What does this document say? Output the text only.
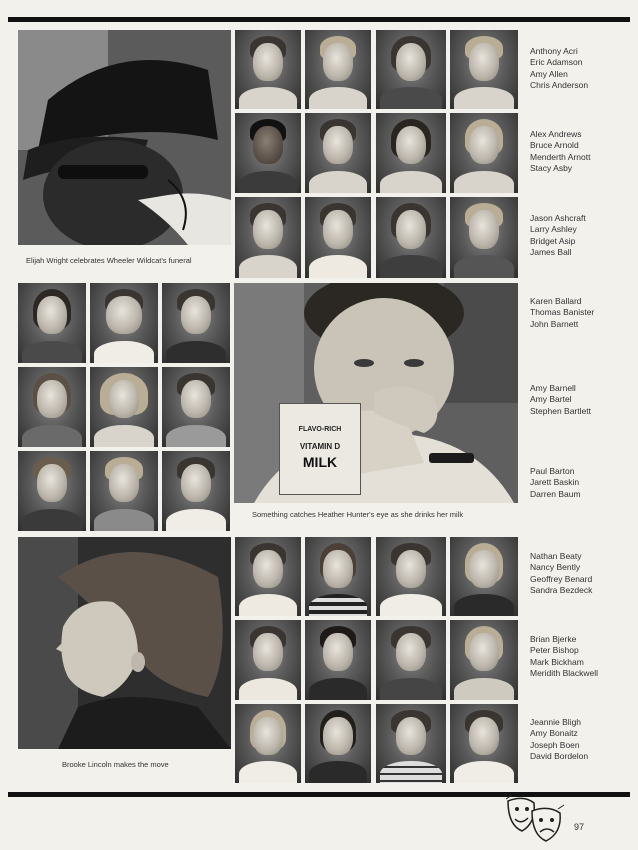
Elijah Wright celebrates Wheeler Wildcat's funeral
FLAVO-RICH
VITAMIN D
MILK
Something catches Heather Hunter's eye as she drinks her milk
Brooke Lincoln makes the move
Anthony Acri
Eric Adamson
Amy Allen
Chris Anderson
Alex Andrews
Bruce Arnold
Menderth Arnott
Stacy Asby
Jason Ashcraft
Larry Ashley
Bridget Asip
James Ball
Karen Ballard
Thomas Banister
John Barnett
Amy Barnell
Amy Bartel
Stephen Bartlett
Paul Barton
Jarett Baskin
Darren Baum
Nathan Beaty
Nancy Bently
Geoffrey Benard
Sandra Bezdeck
Brian Bjerke
Peter Bishop
Mark Bickham
Meridith Blackwell
Jeannie Bligh
Amy Bonaitz
Joseph Boen
David Bordelon
97
